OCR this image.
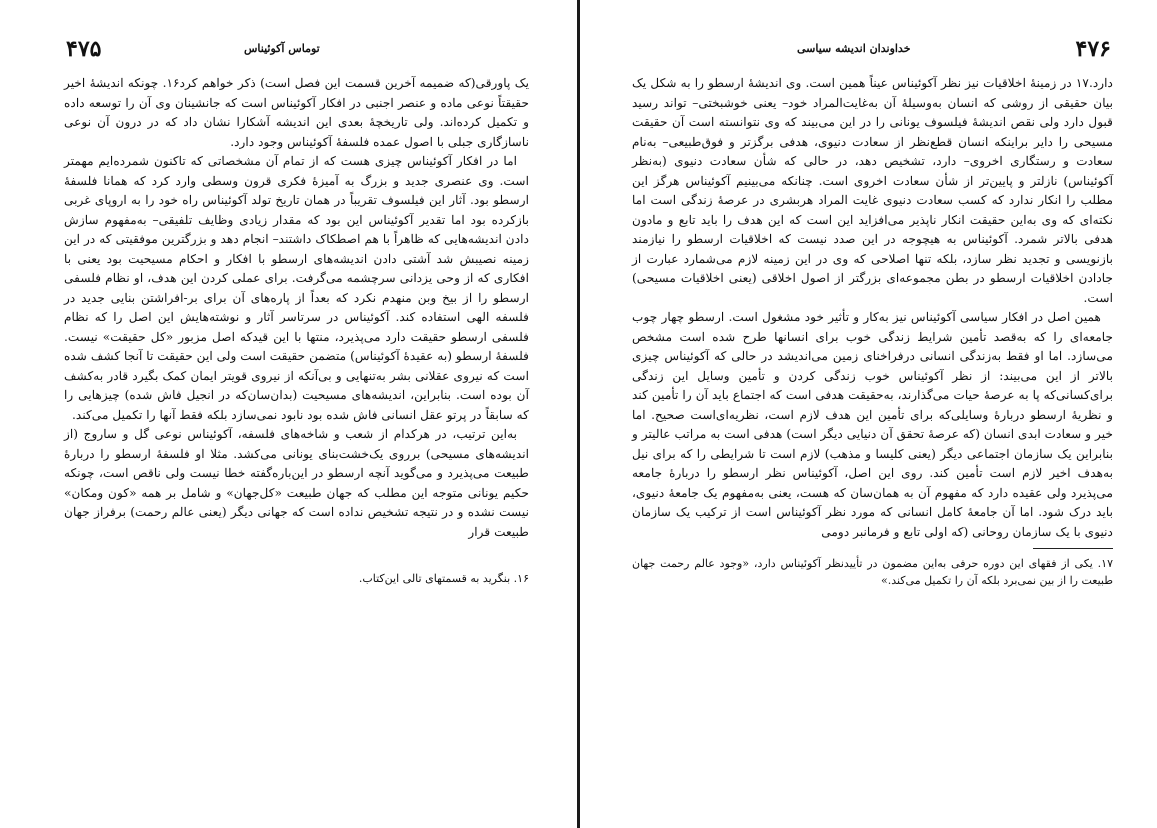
۴۷۵	توماس آکوئیناس

یک پاورقی(که ضمیمه آخرین قسمت این فصل است) ذکر خواهم کرد۱۶. چونکه اندیشهٔ اخیر حقیقتاً نوعی ماده و عنصر اجنبی در افکار آکوئیناس است که جانشینان وی آن را توسعه داده و تکمیل کرده‌اند. ولی تاریخچهٔ بعدی این اندیشه آشکارا نشان داد که در درون آن نوعی ناسازگاری جبلی با اصول عمده فلسفهٔ آکوئیناس وجود دارد.

اما در افکار آکوئیناس چیزی هست که از تمام آن مشخصاتی که تاکنون شمرده‌ایم مهمتر است. وی عنصری جدید و بزرگ به آمیزهٔ فکری قرون وسطی وارد کرد که همانا فلسفهٔ ارسطو بود. آثار این فیلسوف تقریباً در همان تاریخ تولد آکوئیناس راه خود را به اروپای غربی بازکرده بود اما تقدیر آکوئیناس این بود که مقدار زیادی وظایف تلفیقی– به‌مفهوم سازش دادن اندیشه‌هایی که ظاهراً با هم اصطکاک داشتند– انجام دهد و بزرگترین موفقیتی که در این زمینه نصیبش شد آشتی دادن اندیشه‌های ارسطو با افکار و احکام مسیحیت بود یعنی با افکاری که از وحی یزدانی سرچشمه می‌گرفت. برای عملی کردن این هدف، او نظام فلسفی ارسطو را از بیخ وبن منهدم نکرد که بعداً از پاره‌های آن برای بر-افراشتن بنایی جدید در فلسفه الهی استفاده کند. آکوئیناس در سرتاسر آثار و نوشته‌هایش این اصل را که نظام فلسفی ارسطو حقیقت دارد می‌پذیرد، منتها با این قیدکه اصل مزبور «کل حقیقت» نیست. فلسفهٔ ارسطو (به عقیدهٔ آکوئیناس) متضمن حقیقت است ولی این حقیقت تا آنجا کشف شده است که نیروی عقلانی بشر به‌تنهایی و بی‌آنکه از نیروی قویتر ایمان کمک بگیرد قادر به‌کشف آن بوده است. بنابراین، اندیشه‌های مسیحیت (بدان‌سان‌که در انجیل فاش شده) چیزهایی را که سابقاً در پرتو عقل انسانی فاش شده بود نابود نمی‌سازد بلکه فقط آنها را تکمیل می‌کند.

به‌این ترتیب، در هرکدام از شعب و شاخه‌های فلسفه، آکوئیناس نوعی گل و ساروج (از اندیشه‌های مسیحی) برروی یک‌خشت‌بنای یونانی می‌کشد. مثلا او فلسفهٔ ارسطو را دربارهٔ طبیعت می‌پذیرد و می‌گوید آنچه ارسطو در این‌باره‌گفته خطا نیست ولی ناقص است، چونکه حکیم یونانی متوجه این مطلب که جهان طبیعت «کل‌جهان» و شامل بر همه «کون ومکان» نیست نشده و در نتیجه تشخیص نداده است که جهانی دیگر (یعنی عالم رحمت) برفراز جهان طبیعت قرار

۱۶. بنگرید به قسمتهای تالی این‌کتاب.

۴۷۶
خداوندان اندیشه سیاسی

دارد.۱۷ در زمینهٔ اخلاقیات نیز نظر آکوئیناس عیناً همین است. وی اندیشهٔ ارسطو را به شکل یک بیان حقیقی از روشی که انسان به‌وسیلهٔ آن به‌غایت‌المراد خود– یعنی خوشبختی– تواند رسید قبول دارد ولی نقص اندیشهٔ فیلسوف یونانی را در این می‌بیند که وی نتوانسته است آن حقیقت مسیحی را دایر براینکه انسان قطع‌نظر از سعادت دنیوی، هدفی برگزتر و فوق‌طبیعی– به‌نام سعادت و رستگاری اخروی– دارد، تشخیص دهد، در حالی که شأن سعادت دنیوی (به‌نظر آکوئیناس) نازلتر و پایین‌تر از شأن سعادت اخروی است. چنانکه می‌بینیم آکوئیناس هرگز این مطلب را انکار ندارد که کسب سعادت دنیوی غایت المراد هربشری در عرصهٔ زندگی است اما نکته‌ای که وی به‌این حقیقت انکار ناپذیر می‌افزاید این است که این هدف را باید تابع و مادون هدفی بالاتر شمرد. آکوئیناس به هیچوجه در این صدد نیست که اخلاقیات ارسطو را نیازمند بازنویسی و تجدید نظر سازد، بلکه تنها اصلاحی که وی در این زمینه لازم می‌شمارد عبارت از جادادن اخلاقیات ارسطو در بطن مجموعه‌ای بزرگتر از اصول اخلاقی (یعنی اخلاقیات مسیحی) است.

همین اصل در افکار سیاسی آکوئیناس نیز به‌کار و تأثیر خود مشغول است. ارسطو چهار چوب جامعه‌ای را که به‌قصد تأمین شرایط زندگی خوب برای انسانها طرح شده است مشخص می‌سازد. اما او فقط به‌زندگی انسانی درفراخنای زمین می‌اندیشد در حالی که آکوئیناس چیزی بالاتر از این می‌بیند: از نظر آکوئیناس خوب زندگی کردن و تأمین وسایل این زندگی برای‌کسانی‌که پا به عرصهٔ حیات می‌گذارند، به‌حقیقت هدفی است که اجتماع باید آن را تأمین کند و نظریهٔ ارسطو دربارهٔ وسایلی‌که برای تأمین این هدف لازم است، نظریه‌ای‌است صحیح. اما خیر و سعادت ابدی انسان (که عرصهٔ تحقق آن دنیایی دیگر است) هدفی است به مراتب عالیتر و بنابراین یک سازمان اجتماعی دیگر (یعنی کلیسا و مذهب) لازم است تا شرایطی را که برای نیل به‌هدف اخیر لازم است تأمین کند. روی این اصل، آکوئیناس نظر ارسطو را دربارهٔ جامعه می‌پذیرد ولی عقیده دارد که مفهوم آن به همان‌سان که هست، یعنی به‌مفهوم یک جامعهٔ دنیوی، باید درک شود. اما آن جامعهٔ کامل انسانی که مورد نظر آکوئیناس است از ترکیب یک سازمان دنیوی با یک سازمان روحانی (که اولی تابع و فرمانبر دومی

۱۷. یکی از فقهای این دوره حرفی به‌این مضمون در تأییدنظر آکوئیناس دارد، «وجود عالم رحمت جهان طبیعت را از بین نمی‌برد بلکه آن را تکمیل می‌کند.»
